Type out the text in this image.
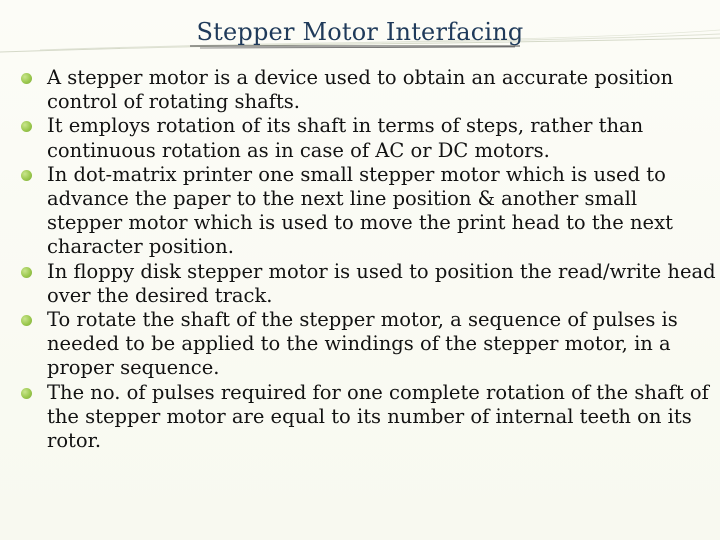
Stepper Motor Interfacing
A stepper motor is a device used to obtain an accurate position control of rotating shafts.
It employs rotation of its shaft in terms of steps, rather than continuous rotation as in case of AC or DC motors.
In dot-matrix printer one small stepper motor which is used to advance the paper to the next line position & another small stepper motor which is used to move the print head to the next character position.
In floppy disk stepper motor is used to position the read/write head over the desired track.
To rotate the shaft of the stepper motor, a sequence of pulses is needed to be applied to the windings of the stepper motor, in a proper sequence.
The no. of pulses required for one complete rotation of the shaft of the stepper motor are equal to its number of internal teeth on its rotor.
